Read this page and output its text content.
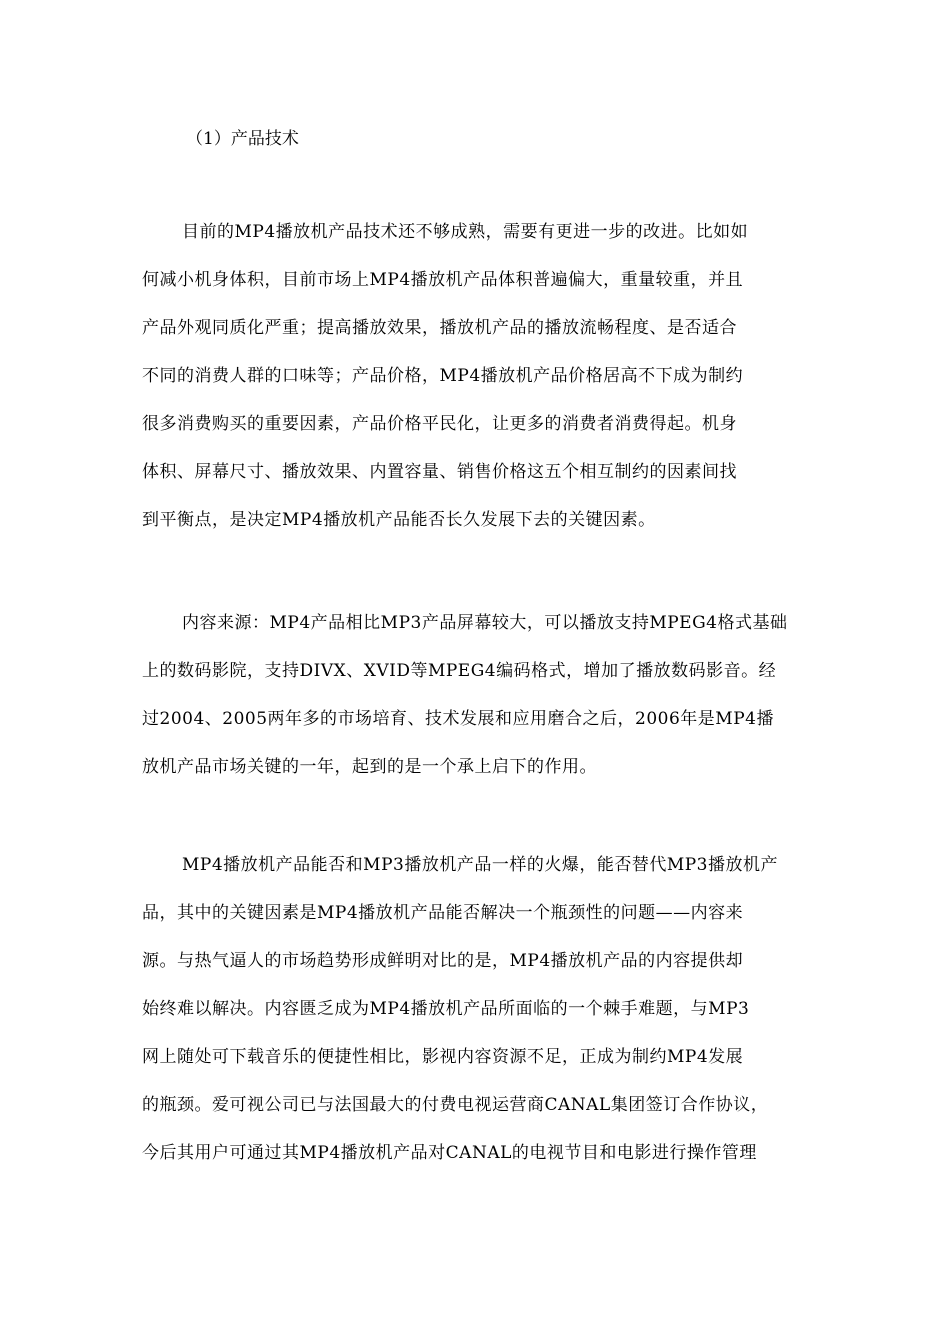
（1）产品技术
目前的MP4播放机产品技术还不够成熟，需要有更进一步的改进。比如如
何减小机身体积，目前市场上MP4播放机产品体积普遍偏大，重量较重，并且
产品外观同质化严重；提高播放效果，播放机产品的播放流畅程度、是否适合
不同的消费人群的口味等；产品价格，MP4播放机产品价格居高不下成为制约
很多消费购买的重要因素，产品价格平民化，让更多的消费者消费得起。机身
体积、屏幕尺寸、播放效果、内置容量、销售价格这五个相互制约的因素间找
到平衡点，是决定MP4播放机产品能否长久发展下去的关键因素。
内容来源：MP4产品相比MP3产品屏幕较大，可以播放支持MPEG4格式基础
上的数码影院，支持DIVX、XVID等MPEG4编码格式，增加了播放数码影音。经
过2004、2005两年多的市场培育、技术发展和应用磨合之后，2006年是MP4播
放机产品市场关键的一年，起到的是一个承上启下的作用。
MP4播放机产品能否和MP3播放机产品一样的火爆，能否替代MP3播放机产
品，其中的关键因素是MP4播放机产品能否解决一个瓶颈性的问题——内容来
源。与热气逼人的市场趋势形成鲜明对比的是，MP4播放机产品的内容提供却
始终难以解决。内容匮乏成为MP4播放机产品所面临的一个棘手难题，与MP3
网上随处可下载音乐的便捷性相比，影视内容资源不足，正成为制约MP4发展
的瓶颈。爱可视公司已与法国最大的付费电视运营商CANAL集团签订合作协议，
今后其用户可通过其MP4播放机产品对CANAL的电视节目和电影进行操作管理
